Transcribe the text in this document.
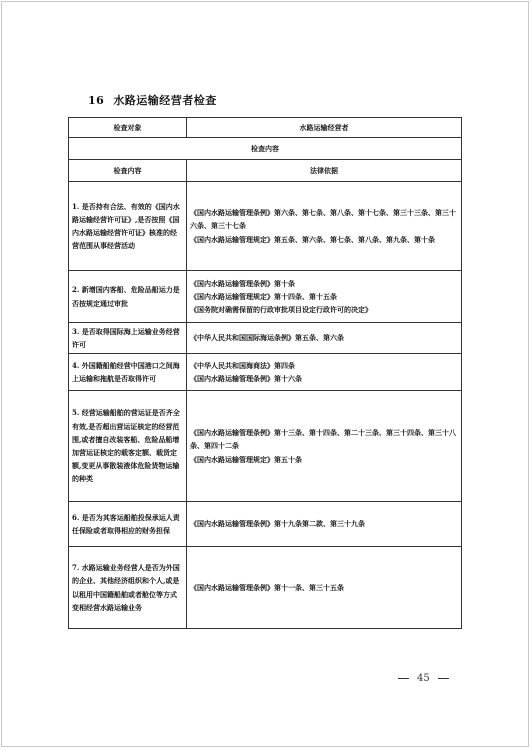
16 水路运输经营者检查
检查对象	水路运输经营者
检查内容	
检查内容	法律依据
1. 是否持有合法、有效的《国内水路运输经营许可证》,是否按照《国内水路运输经营许可证》核准的经营范围从事经营活动	《国内水路运输管理条例》第六条、第七条、第八条、第十七条、第三十三条、第三十六条、第三十七条
《国内水路运输管理规定》第五条、第六条、第七条、第八条、第九条、第十条

2. 新增国内客船、危险品船运力是否按规定通过审批	《国内水路运输管理条例》第十条
《国内水路运输管理规定》第十四条、第十五条
《国务院对确需保留的行政审批项目设定行政许可的决定》

3. 是否取得国际海上运输业务经营许可	《中华人民共和国国际海运条例》第五条、第六条

4. 外国籍船舶经营中国港口之间海上运输和拖航是否取得许可	《中华人民共和国海商法》第四条
《国内水路运输管理条例》第十六条

5. 经营运输船舶的营运证是否齐全有效,是否超出营运证核定的经营范围,或者擅自改装客船、危险品船增加营运证核定的载客定额、载货定额,变更从事散装液体危险货物运输的种类	《国内水路运输管理条例》第十三条、第十四条、第二十三条、第三十四条、第三十八条、第四十二条
《国内水路运输管理规定》第五十条

6. 是否为其客运船舶投保承运人责任保险或者取得相应的财务担保	《国内水路运输管理条例》第十九条第二款、第三十九条

7. 水路运输业务经营人是否为外国的企业、其他经济组织和个人,或是以租用中国籍船舶或者舱位等方式变相经营水路运输业务	《国内水路运输管理条例》第十一条、第三十五条
45
